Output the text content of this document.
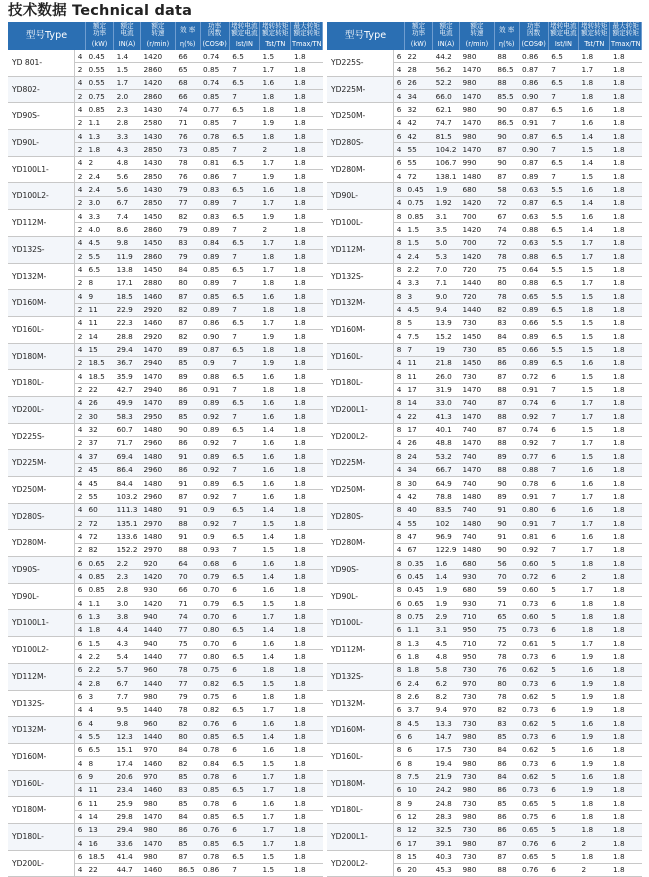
技术数据 Technical data
型号Type		额定
功率	额定
电流	额定
转速	效 率	功率
因数	堵转电流
额定电流	堵转转矩
额定转矩	最大转矩
额定转矩
		(kW)	IN(A)	(r/min)	η(%)	(COSΦ)	Ist/IN	Tst/TN	Tmax/TN
YD 801-	4	0.45	1.4	1420	66	0.74	6.5	1.5	1.8
	2	0.55	1.5	2860	65	0.85	7	1.7	1.8
YD802-	4	0.55	1.7	1420	68	0.74	6.5	1.6	1.8
	2	0.75	2.0	2860	66	0.85	7	1.8	1.8
YD90S-	4	0.85	2.3	1430	74	0.77	6.5	1.8	1.8
	2	1.1	2.8	2580	71	0.85	7	1.9	1.8
YD90L-	4	1.3	3.3	1430	76	0.78	6.5	1.8	1.8
	2	1.8	4.3	2850	73	0.85	7	2	1.8
YD100L1-	4	2	4.8	1430	78	0.81	6.5	1.7	1.8
	2	2.4	5.6	2850	76	0.86	7	1.9	1.8
YD100L2-	4	2.4	5.6	1430	79	0.83	6.5	1.6	1.8
	2	3.0	6.7	2850	77	0.89	7	1.7	1.8
YD112M-	4	3.3	7.4	1450	82	0.83	6.5	1.9	1.8
	2	4.0	8.6	2860	79	0.89	7	2	1.8
YD132S-	4	4.5	9.8	1450	83	0.84	6.5	1.7	1.8
	2	5.5	11.9	2860	79	0.89	7	1.8	1.8
YD132M-	4	6.5	13.8	1450	84	0.85	6.5	1.7	1.8
	2	8	17.1	2880	80	0.89	7	1.8	1.8
YD160M-	4	9	18.5	1460	87	0.85	6.5	1.6	1.8
	2	11	22.9	2920	82	0.89	7	1.8	1.8
YD160L-	4	11	22.3	1460	87	0.86	6.5	1.7	1.8
	2	14	28.8	2920	82	0.90	7	1.9	1.8
YD180M-	4	15	29.4	1470	89	0.87	6.5	1.8	1.8
	2	18.5	36.7	2940	85	0.9	7	1.9	1.8
YD180L-	4	18.5	35.9	1470	89	0.88	6.5	1.6	1.8
	2	22	42.7	2940	86	0.91	7	1.8	1.8
YD200L-	4	26	49.9	1470	89	0.89	6.5	1.6	1.8
	2	30	58.3	2950	85	0.92	7	1.6	1.8
YD225S-	4	32	60.7	1480	90	0.89	6.5	1.4	1.8
	2	37	71.7	2960	86	0.92	7	1.6	1.8
YD225M-	4	37	69.4	1480	91	0.89	6.5	1.6	1.8
	2	45	86.4	2960	86	0.92	7	1.6	1.8
YD250M-	4	45	84.4	1480	91	0.89	6.5	1.6	1.8
	2	55	103.2	2960	87	0.92	7	1.6	1.8
YD280S-	4	60	111.3	1480	91	0.9	6.5	1.4	1.8
	2	72	135.1	2970	88	0.92	7	1.5	1.8
YD280M-	4	72	133.6	1480	91	0.9	6.5	1.4	1.8
	2	82	152.2	2970	88	0.93	7	1.5	1.8
YD90S-	6	0.65	2.2	920	64	0.68	6	1.6	1.8
	4	0.85	2.3	1420	70	0.79	6.5	1.4	1.8
YD90L-	6	0.85	2.8	930	66	0.70	6	1.6	1.8
	4	1.1	3.0	1420	71	0.79	6.5	1.5	1.8
YD100L1-	6	1.3	3.8	940	74	0.70	6	1.7	1.8
	4	1.8	4.4	1440	77	0.80	6.5	1.4	1.8
YD100L2-	6	1.5	4.3	940	75	0.70	6	1.6	1.8
	4	2.2	5.4	1440	77	0.80	6.5	1.4	1.8
YD112M-	6	2.2	5.7	960	78	0.75	6	1.8	1.8
	4	2.8	6.7	1440	77	0.82	6.5	1.5	1.8
YD132S-	6	3	7.7	980	79	0.75	6	1.8	1.8
	4	4	9.5	1440	78	0.82	6.5	1.7	1.8
YD132M-	6	4	9.8	960	82	0.76	6	1.6	1.8
	4	5.5	12.3	1440	80	0.85	6.5	1.4	1.8
YD160M-	6	6.5	15.1	970	84	0.78	6	1.6	1.8
	4	8	17.4	1460	82	0.84	6.5	1.5	1.8
YD160L-	6	9	20.6	970	85	0.78	6	1.7	1.8
	4	11	23.4	1460	83	0.85	6.5	1.7	1.8
YD180M-	6	11	25.9	980	85	0.78	6	1.6	1.8
	4	14	29.8	1470	84	0.85	6.5	1.7	1.8
YD180L-	6	13	29.4	980	86	0.76	6	1.7	1.8
	4	16	33.6	1470	85	0.85	6.5	1.7	1.8
YD200L-	6	18.5	41.4	980	87	0.78	6.5	1.5	1.8
	4	22	44.7	1460	86.5	0.86	7	1.5	1.8
型号Type		额定
功率	额定
电流	额定
转速	效 率	功率
因数	堵转电流
额定电流	堵转转矩
额定转矩	最大转矩
额定转矩
		(kW)	IN(A)	(r/min)	η(%)	(COSΦ)	Ist/IN	Tst/TN	Tmax/TN
YD225S-	6	22	44.2	980	88	0.86	6.5	1.8	1.8
	4	28	56.2	1470	86.5	0.87	7	1.7	1.8
YD225M-	6	26	52.2	980	88	0.86	6.5	1.8	1.8
	4	34	66.0	1470	85.5	0.90	7	1.8	1.8
YD250M-	6	32	62.1	980	90	0.87	6.5	1.6	1.8
	4	42	74.7	1470	86.5	0.91	7	1.6	1.8
YD280S-	6	42	81.5	980	90	0.87	6.5	1.4	1.8
	4	55	104.2	1470	87	0.90	7	1.5	1.8
YD280M-	6	55	106.7	990	90	0.87	6.5	1.4	1.8
	4	72	138.1	1480	87	0.89	7	1.5	1.8
YD90L-	8	0.45	1.9	680	58	0.63	5.5	1.6	1.8
	4	0.75	1.92	1420	72	0.87	6.5	1.4	1.8
YD100L-	8	0.85	3.1	700	67	0.63	5.5	1.6	1.8
	4	1.5	3.5	1420	74	0.88	6.5	1.4	1.8
YD112M-	8	1.5	5.0	700	72	0.63	5.5	1.7	1.8
	4	2.4	5.3	1420	78	0.88	6.5	1.7	1.8
YD132S-	8	2.2	7.0	720	75	0.64	5.5	1.5	1.8
	4	3.3	7.1	1440	80	0.88	6.5	1.7	1.8
YD132M-	8	3	9.0	720	78	0.65	5.5	1.5	1.8
	4	4.5	9.4	1440	82	0.89	6.5	1.8	1.8
YD160M-	8	5	13.9	730	83	0.66	5.5	1.5	1.8
	4	7.5	15.2	1450	84	0.89	6.5	1.5	1.8
YD160L-	8	7	19	730	85	0.66	5.5	1.5	1.8
	4	11	21.8	1450	86	0.89	6.5	1.6	1.8
YD180L-	8	11	26.0	730	87	0.72	6	1.5	1.8
	4	17	31.9	1470	88	0.91	7	1.5	1.8
YD200L1-	8	14	33.0	740	87	0.74	6	1.7	1.8
	4	22	41.3	1470	88	0.92	7	1.7	1.8
YD200L2-	8	17	40.1	740	87	0.74	6	1.5	1.8
	4	26	48.8	1470	88	0.92	7	1.7	1.8
YD225M-	8	24	53.2	740	89	0.77	6	1.5	1.8
	4	34	66.7	1470	88	0.88	7	1.6	1.8
YD250M-	8	30	64.9	740	90	0.78	6	1.6	1.8
	4	42	78.8	1480	89	0.91	7	1.7	1.8
YD280S-	8	40	83.5	740	91	0.80	6	1.6	1.8
	4	55	102	1480	90	0.91	7	1.7	1.8
YD280M-	8	47	96.9	740	91	0.81	6	1.6	1.8
	4	67	122.9	1480	90	0.92	7	1.7	1.8
YD90S-	8	0.35	1.6	680	56	0.60	5	1.8	1.8
	6	0.45	1.4	930	70	0.72	6	2	1.8
YD90L-	8	0.45	1.9	680	59	0.60	5	1.7	1.8
	6	0.65	1.9	930	71	0.73	6	1.8	1.8
YD100L-	8	0.75	2.9	710	65	0.60	5	1.8	1.8
	6	1.1	3.1	950	75	0.73	6	1.8	1.8
YD112M-	8	1.3	4.5	710	72	0.61	5	1.7	1.8
	6	1.8	4.8	950	78	0.73	6	1.9	1.8
YD132S-	8	1.8	5.8	730	76	0.62	5	1.6	1.8
	6	2.4	6.2	970	80	0.73	6	1.9	1.8
YD132M-	8	2.6	8.2	730	78	0.62	5	1.9	1.8
	6	3.7	9.4	970	82	0.73	6	1.9	1.8
YD160M-	8	4.5	13.3	730	83	0.62	5	1.6	1.8
	6	6	14.7	980	85	0.73	6	1.9	1.8
YD160L-	8	6	17.5	730	84	0.62	5	1.6	1.8
	6	8	19.4	980	86	0.73	6	1.9	1.8
YD180M-	8	7.5	21.9	730	84	0.62	5	1.6	1.8
	6	10	24.2	980	86	0.73	6	1.9	1.8
YD180L-	8	9	24.8	730	85	0.65	5	1.8	1.8
	6	12	28.3	980	86	0.75	6	1.8	1.8
YD200L1-	8	12	32.5	730	86	0.65	5	1.8	1.8
	6	17	39.1	980	87	0.76	6	2	1.8
YD200L2-	8	15	40.3	730	87	0.65	5	1.8	1.8
	6	20	45.3	980	88	0.76	6	2	1.8
